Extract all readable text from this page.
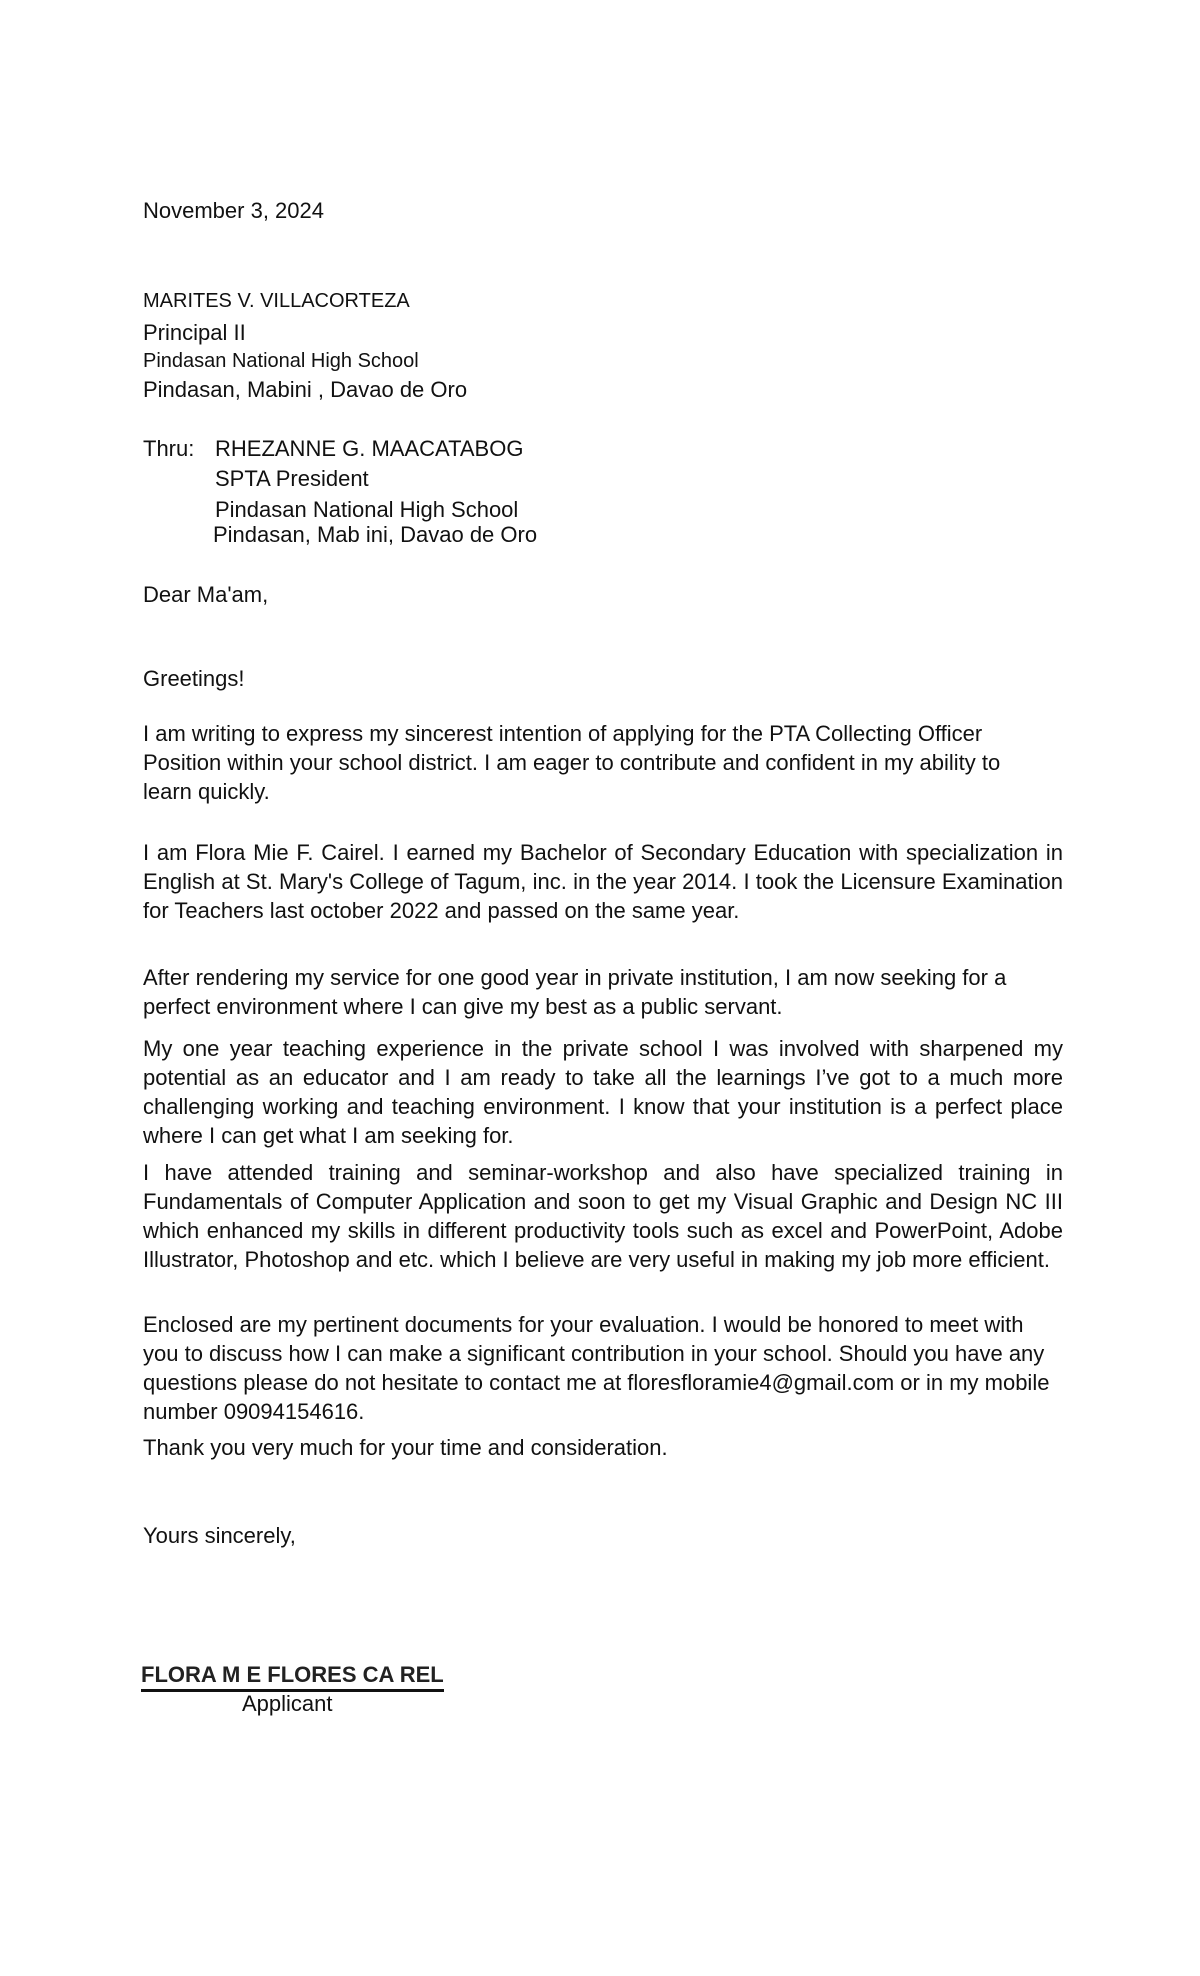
November 3, 2024
MARITES V. VILLACORTEZA
Principal II
Pindasan National High School
Pindasan, Mabini , Davao de Oro
Thru: RHEZANNE G. MAACATABOG
SPTA President
Pindasan National High School
Pindasan, Mab ini, Davao de Oro
Dear Ma'am,
Greetings!
I am writing to express my sincerest intention of applying for the PTA Collecting Officer Position within your school district. I am eager to contribute and confident in my ability to learn quickly.
I am Flora Mie F. Cairel. I earned my Bachelor of Secondary Education with specialization in English at St. Mary's College of Tagum, inc. in the year 2014. I took the Licensure Examination for Teachers last october 2022 and passed on the same year.
After rendering my service for one good year in private institution, I am now seeking for a perfect environment where I can give my best as a public servant.
My one year teaching experience in the private school I was involved with sharpened my potential as an educator and I am ready to take all the learnings I’ve got to a much more challenging working and teaching environment. I know that your institution is a perfect place where I can get what I am seeking for.
I have attended training and seminar-workshop and also have specialized training in Fundamentals of Computer Application and soon to get my Visual Graphic and Design NC III which enhanced my skills in different productivity tools such as excel and PowerPoint, Adobe Illustrator, Photoshop and etc. which I believe are very useful in making my job more efficient.
Enclosed are my pertinent documents for your evaluation. I would be honored to meet with you to discuss how I can make a significant contribution in your school. Should you have any questions please do not hesitate to contact me at floresfloramie4@gmail.com or in my mobile number 09094154616.
Thank you very much for your time and consideration.
Yours sincerely,
FLORA M E FLORES CA REL
Applicant
